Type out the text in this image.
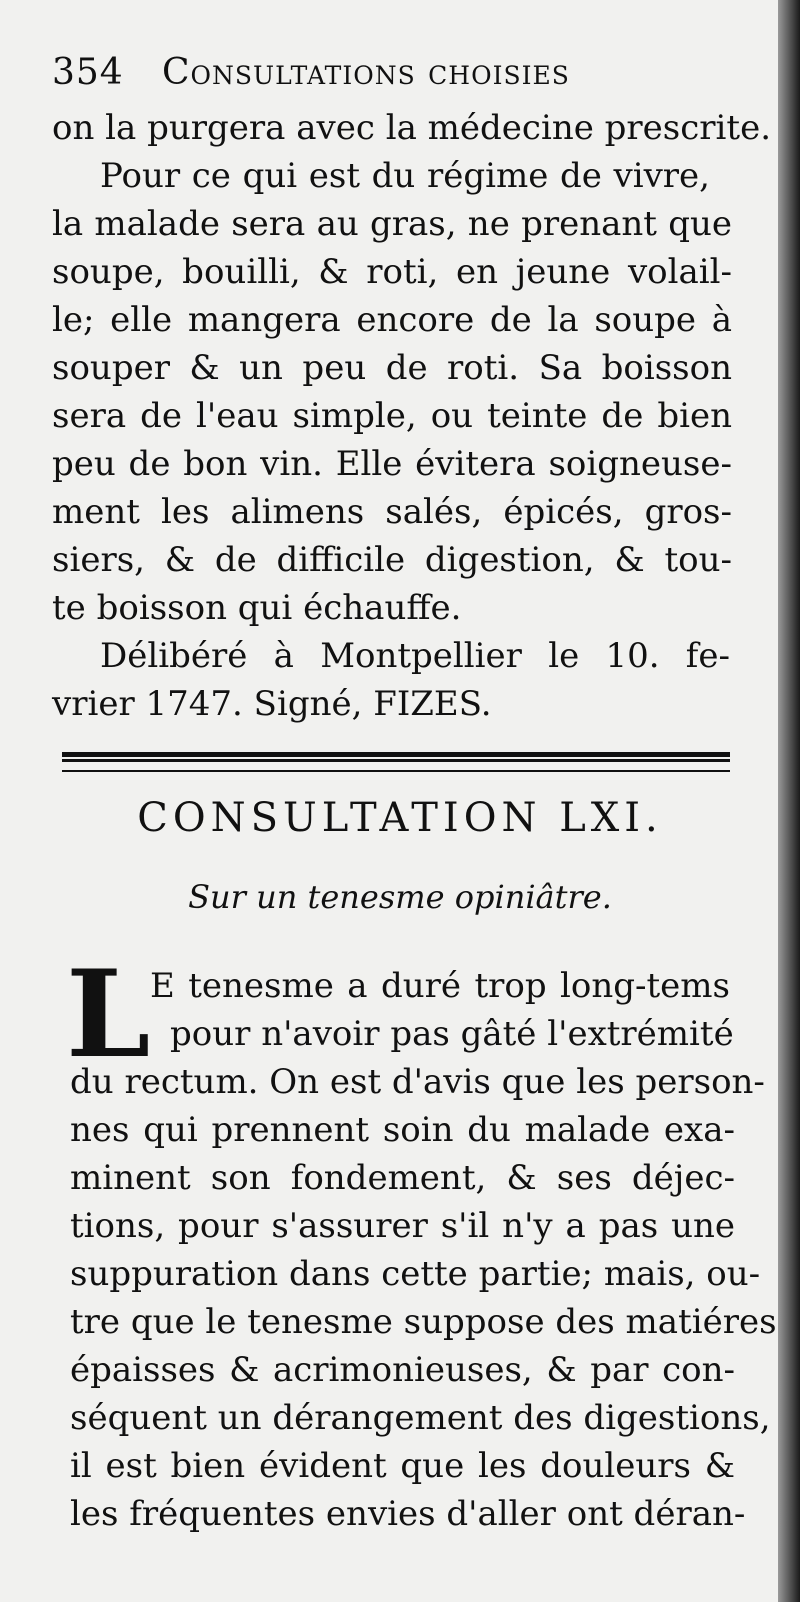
354 Consultations choisies
on la purgera avec la médecine prescrite.
Pour ce qui est du régime de vivre,
la malade sera au gras, ne prenant que
soupe, bouilli, & roti, en jeune volail-
le; elle mangera encore de la soupe à
souper & un peu de roti. Sa boisson
sera de l'eau simple, ou teinte de bien
peu de bon vin. Elle évitera soigneuse-
ment les alimens salés, épicés, gros-
siers, & de difficile digestion, & tou-
te boisson qui échauffe.
Délibéré à Montpellier le 10. fe-
vrier 1747. Signé, FIZES.
CONSULTATION LXI.
Sur un tenesme opiniâtre.
L E tenesme a duré trop long-tems
pour n'avoir pas gâté l'extrémité
du rectum. On est d'avis que les person-
nes qui prennent soin du malade exa-
minent son fondement, & ses déjec-
tions, pour s'assurer s'il n'y a pas une
suppuration dans cette partie; mais, ou-
tre que le tenesme suppose des matiéres
épaisses & acrimonieuses, & par con-
séquent un dérangement des digestions,
il est bien évident que les douleurs &
les fréquentes envies d'aller ont déran-
